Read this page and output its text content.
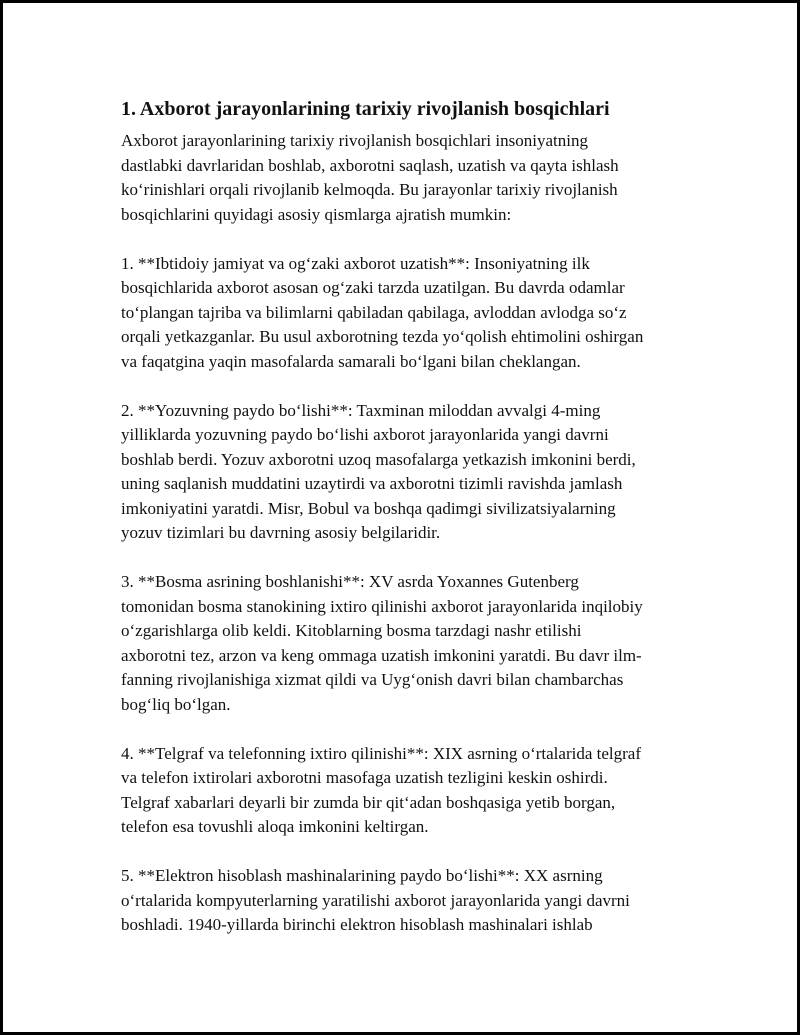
1. Axborot jarayonlarining tarixiy rivojlanish bosqichlari

Axborot jarayonlarining tarixiy rivojlanish bosqichlari insoniyatning
dastlabki davrlaridan boshlab, axborotni saqlash, uzatish va qayta ishlash
koʻrinishlari orqali rivojlanib kelmoqda. Bu jarayonlar tarixiy rivojlanish
bosqichlarini quyidagi asosiy qismlarga ajratish mumkin:

1. **Ibtidoiy jamiyat va ogʻzaki axborot uzatish**: Insoniyatning ilk
bosqichlarida axborot asosan ogʻzaki tarzda uzatilgan. Bu davrda odamlar
toʻplangan tajriba va bilimlarni qabiladan qabilaga, avloddan avlodga soʻz
orqali yetkazganlar. Bu usul axborotning tezda yoʻqolish ehtimolini oshirgan
va faqatgina yaqin masofalarda samarali boʻlgani bilan cheklangan.

2. **Yozuvning paydo boʻlishi**: Taxminan miloddan avvalgi 4-ming
yilliklarda yozuvning paydo boʻlishi axborot jarayonlarida yangi davrni
boshlab berdi. Yozuv axborotni uzoq masofalarga yetkazish imkonini berdi,
uning saqlanish muddatini uzaytirdi va axborotni tizimli ravishda jamlash
imkoniyatini yaratdi. Misr, Bobul va boshqa qadimgi sivilizatsiyalarning
yozuv tizimlari bu davrning asosiy belgilaridir.

3. **Bosma asrining boshlanishi**: XV asrda Yoxannes Gutenberg
tomonidan bosma stanokining ixtiro qilinishi axborot jarayonlarida inqilobiy
oʻzgarishlarga olib keldi. Kitoblarning bosma tarzdagi nashr etilishi
axborotni tez, arzon va keng ommaga uzatish imkonini yaratdi. Bu davr ilm-
fanning rivojlanishiga xizmat qildi va Uygʻonish davri bilan chambarchas
bogʻliq boʻlgan.

4. **Telgraf va telefonning ixtiro qilinishi**: XIX asrning oʻrtalarida telgraf
va telefon ixtirolari axborotni masofaga uzatish tezligini keskin oshirdi.
Telgraf xabarlari deyarli bir zumda bir qitʻadan boshqasiga yetib borgan,
telefon esa tovushli aloqa imkonini keltirgan.

5. **Elektron hisoblash mashinalarining paydo boʻlishi**: XX asrning
oʻrtalarida kompyuterlarning yaratilishi axborot jarayonlarida yangi davrni
boshladi. 1940-yillarda birinchi elektron hisoblash mashinalari ishlab
